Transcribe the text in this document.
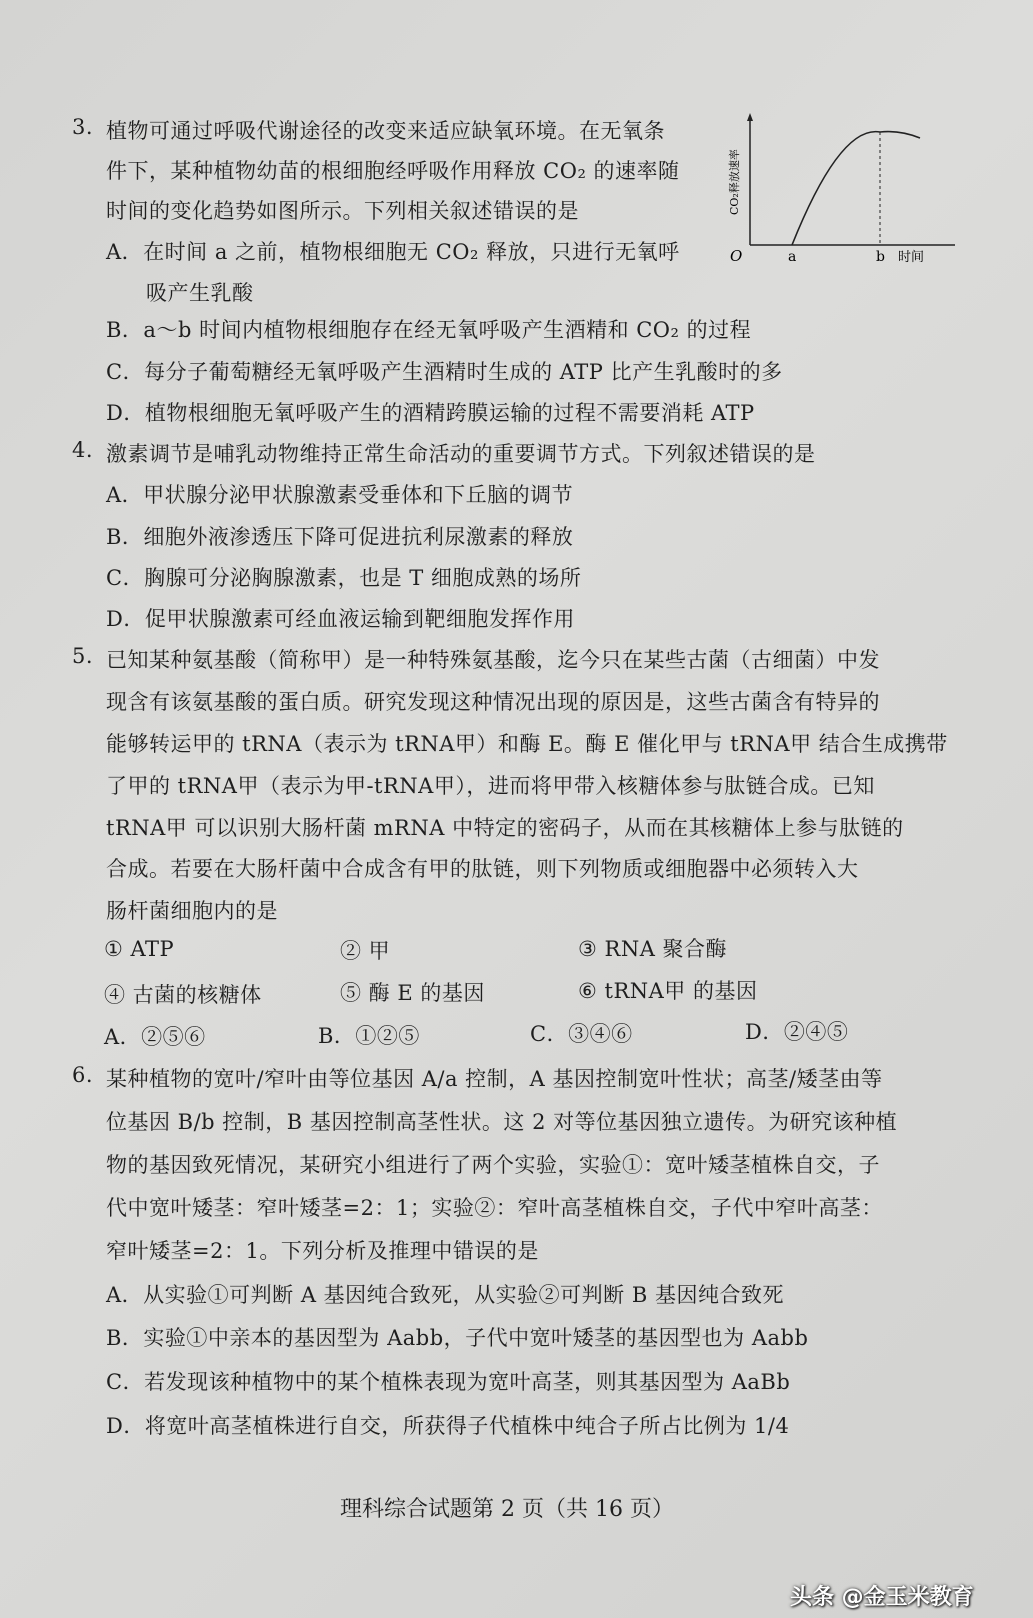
3. 植物可通过呼吸代谢途径的改变来适应缺氧环境。在无氧条
件下，某种植物幼苗的根细胞经呼吸作用释放 CO₂ 的速率随
时间的变化趋势如图所示。下列相关叙述错误的是
A．在时间 a 之前，植物根细胞无 CO₂ 释放，只进行无氧呼
吸产生乳酸
B．a～b 时间内植物根细胞存在经无氧呼吸产生酒精和 CO₂ 的过程
C．每分子葡萄糖经无氧呼吸产生酒精时生成的 ATP 比产生乳酸时的多
D．植物根细胞无氧呼吸产生的酒精跨膜运输的过程不需要消耗 ATP
CO₂释放速率
O	a	b 时间
4. 激素调节是哺乳动物维持正常生命活动的重要调节方式。下列叙述错误的是
A．甲状腺分泌甲状腺激素受垂体和下丘脑的调节
B．细胞外液渗透压下降可促进抗利尿激素的释放
C．胸腺可分泌胸腺激素，也是 T 细胞成熟的场所
D．促甲状腺激素可经血液运输到靶细胞发挥作用
5. 已知某种氨基酸（简称甲）是一种特殊氨基酸，迄今只在某些古菌（古细菌）中发
现含有该氨基酸的蛋白质。研究发现这种情况出现的原因是，这些古菌含有特异的
能够转运甲的 tRNA（表示为 tRNA甲）和酶 E。酶 E 催化甲与 tRNA甲 结合生成携带
了甲的 tRNA甲（表示为甲-tRNA甲），进而将甲带入核糖体参与肽链合成。已知
tRNA甲 可以识别大肠杆菌 mRNA 中特定的密码子，从而在其核糖体上参与肽链的
合成。若要在大肠杆菌中合成含有甲的肽链，则下列物质或细胞器中必须转入大
肠杆菌细胞内的是
① ATP	② 甲	③ RNA 聚合酶
④ 古菌的核糖体	⑤ 酶 E 的基因	⑥ tRNA甲 的基因
A．②⑤⑥	B．①②⑤	C．③④⑥	D．②④⑤
6. 某种植物的宽叶/窄叶由等位基因 A/a 控制，A 基因控制宽叶性状；高茎/矮茎由等
位基因 B/b 控制，B 基因控制高茎性状。这 2 对等位基因独立遗传。为研究该种植
物的基因致死情况，某研究小组进行了两个实验，实验①：宽叶矮茎植株自交，子
代中宽叶矮茎：窄叶矮茎=2：1；实验②：窄叶高茎植株自交，子代中窄叶高茎：
窄叶矮茎=2：1。下列分析及推理中错误的是
A．从实验①可判断 A 基因纯合致死，从实验②可判断 B 基因纯合致死
B．实验①中亲本的基因型为 Aabb，子代中宽叶矮茎的基因型也为 Aabb
C．若发现该种植物中的某个植株表现为宽叶高茎，则其基因型为 AaBb
D．将宽叶高茎植株进行自交，所获得子代植株中纯合子所占比例为 1/4
理科综合试题第 2 页（共 16 页）
头条 @金玉米教育
